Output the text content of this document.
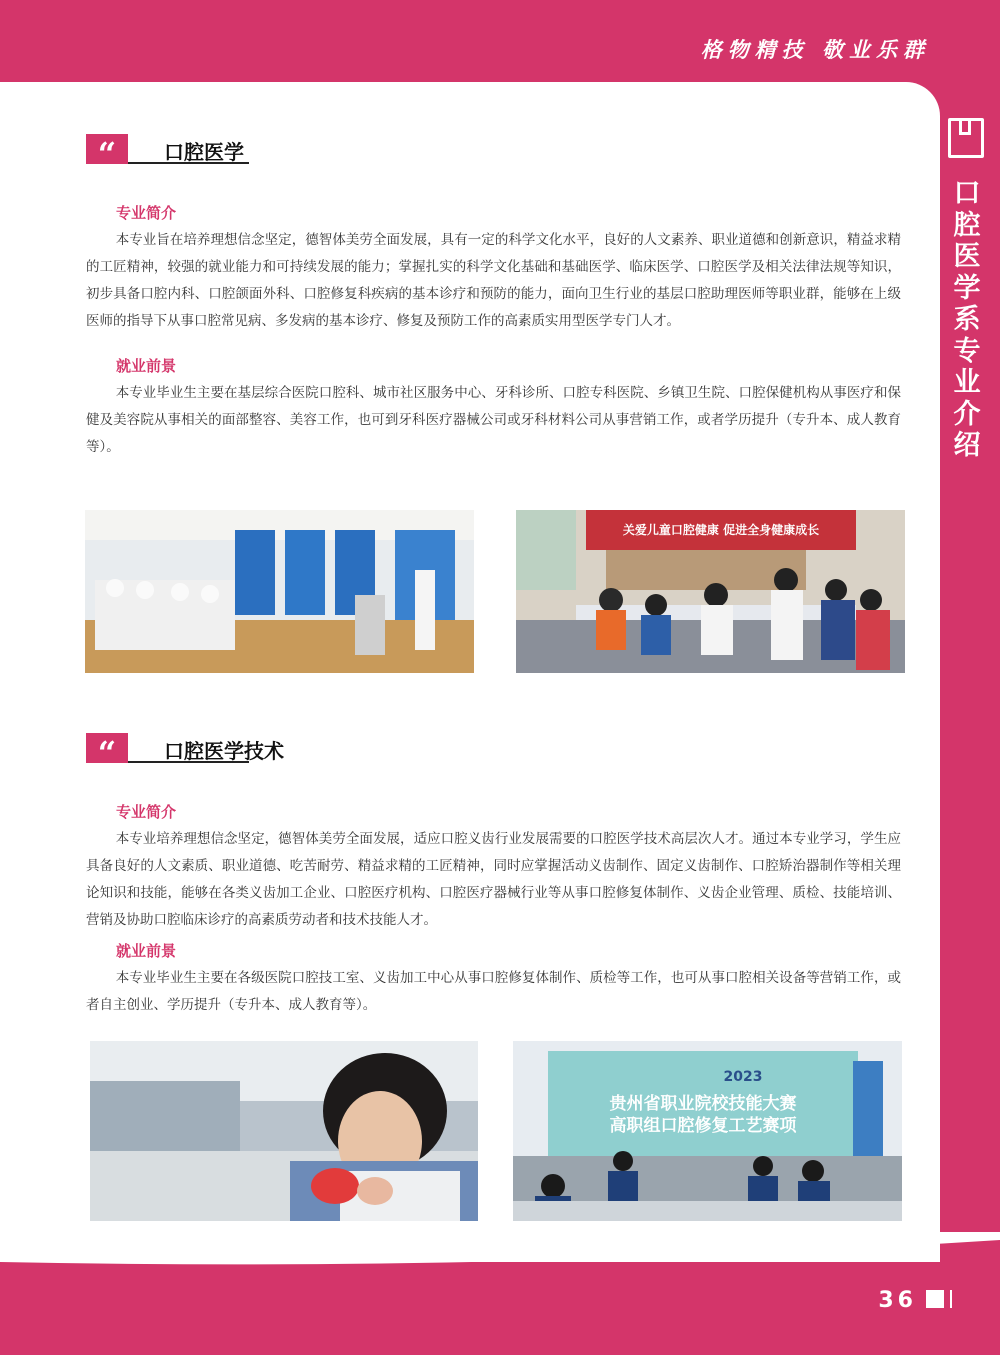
格物精技 敬业乐群
口腔医学系专业介绍
“	口腔医学
专业简介

本专业旨在培养理想信念坚定，德智体美劳全面发展，具有一定的科学文化水平，良好的人文素养、职业道德和创新意识，精益求精的工匠精神，较强的就业能力和可持续发展的能力；掌握扎实的科学文化基础和基础医学、临床医学、口腔医学及相关法律法规等知识，初步具备口腔内科、口腔颌面外科、口腔修复科疾病的基本诊疗和预防的能力，面向卫生行业的基层口腔助理医师等职业群，能够在上级医师的指导下从事口腔常见病、多发病的基本诊疗、修复及预防工作的高素质实用型医学专门人才。

就业前景

本专业毕业生主要在基层综合医院口腔科、城市社区服务中心、牙科诊所、口腔专科医院、乡镇卫生院、口腔保健机构从事医疗和保健及美容院从事相关的面部整容、美容工作，也可到牙科医疗器械公司或牙科材料公司从事营销工作，或者学历提升（专升本、成人教育等）。

关爱儿童口腔健康 促进全身健康成长
“	口腔医学技术
专业简介

本专业培养理想信念坚定，德智体美劳全面发展，适应口腔义齿行业发展需要的口腔医学技术高层次人才。通过本专业学习，学生应具备良好的人文素质、职业道德、吃苦耐劳、精益求精的工匠精神，同时应掌握活动义齿制作、固定义齿制作、口腔矫治器制作等相关理论知识和技能，能够在各类义齿加工企业、口腔医疗机构、口腔医疗器械行业等从事口腔修复体制作、义齿企业管理、质检、技能培训、营销及协助口腔临床诊疗的高素质劳动者和技术技能人才。

就业前景

本专业毕业生主要在各级医院口腔技工室、义齿加工中心从事口腔修复体制作、质检等工作，也可从事口腔相关设备等营销工作，或者自主创业、学历提升（专升本、成人教育等）。

2023
贵州省职业院校技能大赛
高职组口腔修复工艺赛项
36
